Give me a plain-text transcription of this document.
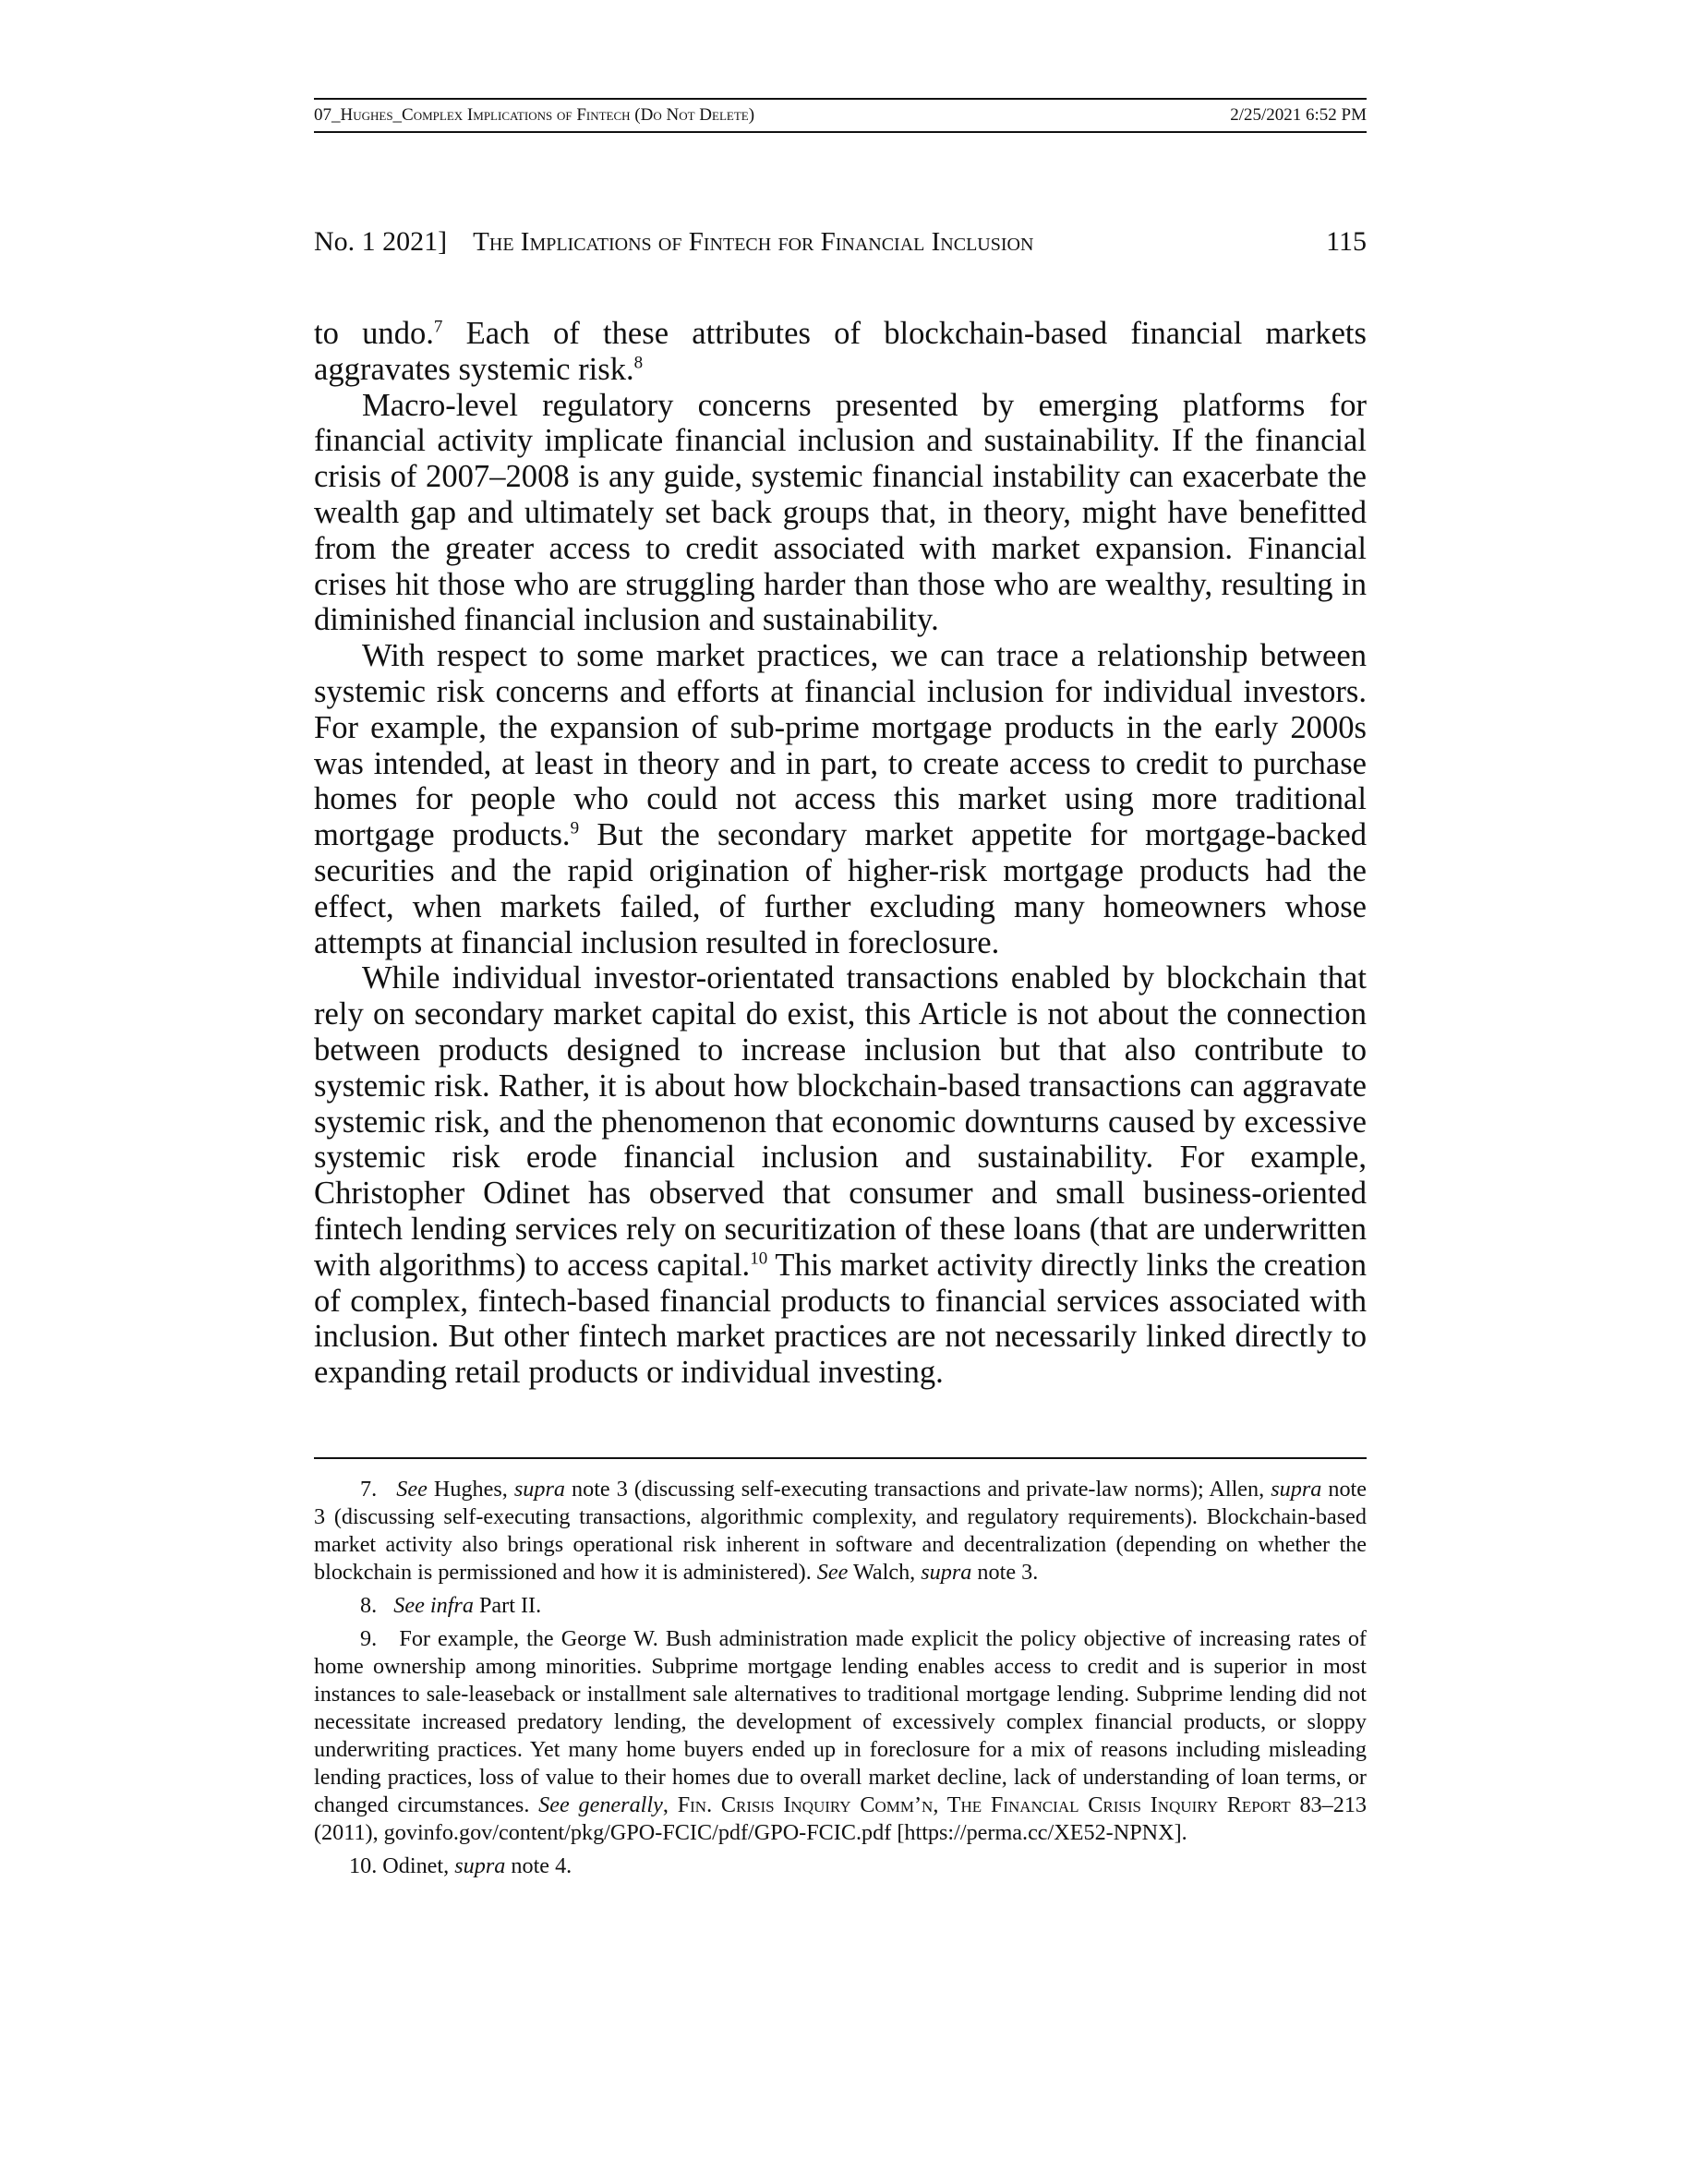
07_Hughes_Complex Implications of Fintech (Do Not Delete)	2/25/2021 6:52 PM
No. 1 2021] The Implications of Fintech for Financial Inclusion	115

to undo.$^7$ Each of these attributes of blockchain-based financial markets aggravates systemic risk.$^8$

Macro-level regulatory concerns presented by emerging platforms for financial activity implicate financial inclusion and sustainability. If the financial crisis of 2007–2008 is any guide, systemic financial instability can exacerbate the wealth gap and ultimately set back groups that, in theory, might have benefitted from the greater access to credit associated with market expansion. Financial crises hit those who are struggling harder than those who are wealthy, resulting in diminished financial inclusion and sustainability.

With respect to some market practices, we can trace a relationship between systemic risk concerns and efforts at financial inclusion for individual investors. For example, the expansion of sub-prime mortgage products in the early 2000s was intended, at least in theory and in part, to create access to credit to purchase homes for people who could not access this market using more traditional mortgage products.$^9$ But the secondary market appetite for mortgage-backed securities and the rapid origination of higher-risk mortgage products had the effect, when markets failed, of further excluding many homeowners whose attempts at financial inclusion resulted in foreclosure.

While individual investor-orientated transactions enabled by blockchain that rely on secondary market capital do exist, this Article is not about the connection between products designed to increase inclusion but that also contribute to systemic risk. Rather, it is about how blockchain-based transactions can aggravate systemic risk, and the phenomenon that economic downturns caused by excessive systemic risk erode financial inclusion and sustainability. For example, Christopher Odinet has observed that consumer and small business-oriented fintech lending services rely on securitization of these loans (that are underwritten with algorithms) to access capital.$^{10}$ This market activity directly links the creation of complex, fintech-based financial products to financial services associated with inclusion. But other fintech market practices are not necessarily linked directly to expanding retail products or individual investing.

7. See Hughes, supra note 3 (discussing self-executing transactions and private-law norms); Allen, supra note 3 (discussing self-executing transactions, algorithmic complexity, and regulatory requirements). Blockchain-based market activity also brings operational risk inherent in software and decentralization (depending on whether the blockchain is permissioned and how it is administered). See Walch, supra note 3.

8. See infra Part II.

9. For example, the George W. Bush administration made explicit the policy objective of increasing rates of home ownership among minorities. Subprime mortgage lending enables access to credit and is superior in most instances to sale-leaseback or installment sale alternatives to traditional mortgage lending. Subprime lending did not necessitate increased predatory lending, the development of excessively complex financial products, or sloppy underwriting practices. Yet many home buyers ended up in foreclosure for a mix of reasons including misleading lending practices, loss of value to their homes due to overall market decline, lack of understanding of loan terms, or changed circumstances. See generally, Fin. Crisis Inquiry Comm’n, The Financial Crisis Inquiry Report 83–213 (2011), govinfo.gov/content/pkg/GPO-FCIC/pdf/GPO-FCIC.pdf [https://perma.cc/XE52-NPNX].

10. Odinet, supra note 4.
